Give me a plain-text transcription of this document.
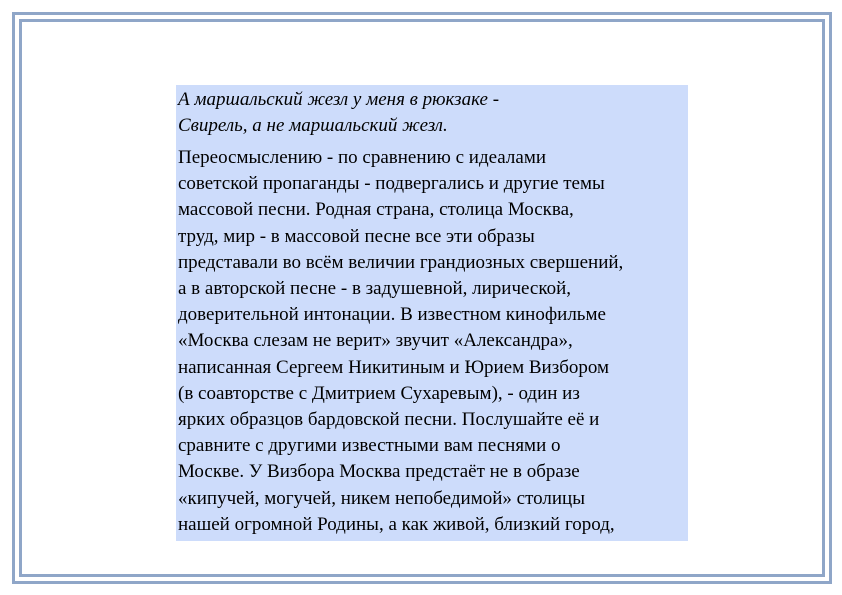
А маршальский жезл у меня в рюкзаке -
Свирель, а не маршальский жезл.
Переосмыслению - по сравнению с идеалами
советской пропаганды - подвергались и другие темы
массовой песни. Родная страна, столица Москва,
труд, мир - в массовой песне все эти образы
представали во всём величии грандиозных свершений,
а в авторской песне - в задушевной, лирической,
доверительной интонации. В известном кинофильме
«Москва слезам не верит» звучит «Александра»,
написанная Сергеем Никитиным и Юрием Визбором
(в соавторстве с Дмитрием Сухаревым), - один из
ярких образцов бардовской песни. Послушайте её и
сравните с другими известными вам песнями о
Москве. У Визбора Москва предстаёт не в образе
«кипучей, могучей, никем непобедимой» столицы
нашей огромной Родины, а как живой, близкий город,
